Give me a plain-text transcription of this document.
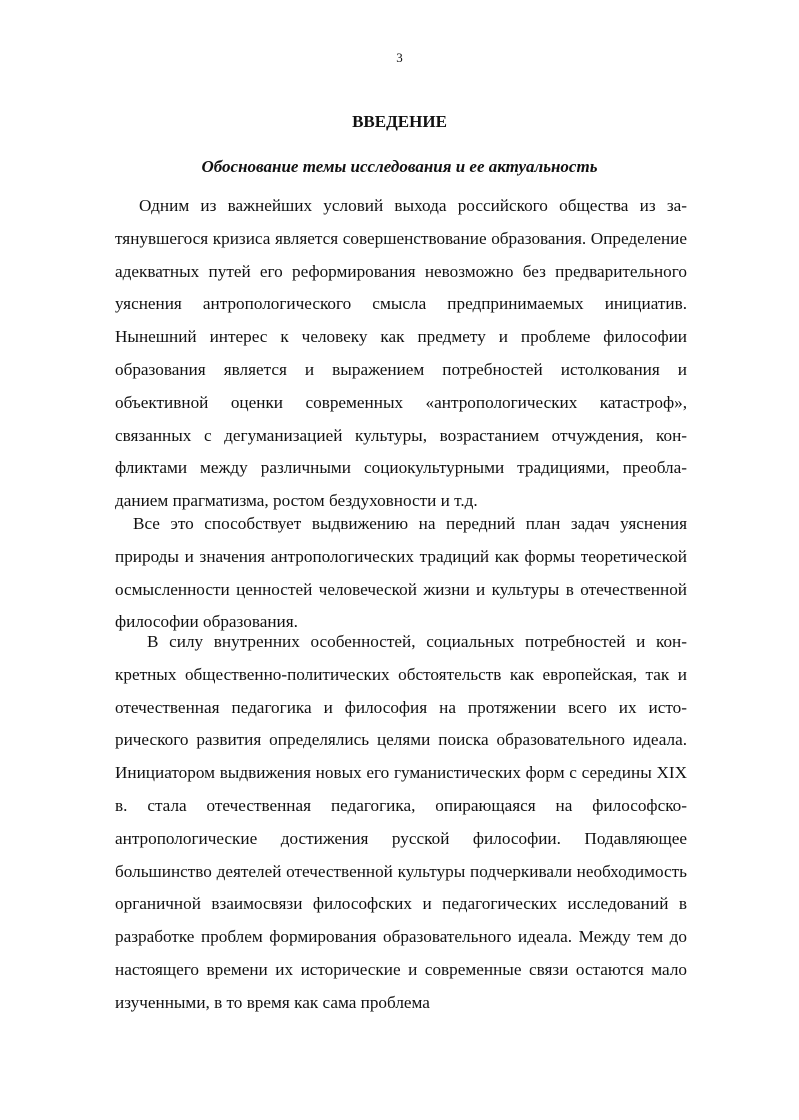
3
ВВЕДЕНИЕ
Обоснование темы исследования и ее актуальность

Одним из важнейших условий выхода российского общества из затянувшегося кризиса является совершенствование образования. Определение адекватных путей его реформирования невозможно без предварительного уяснения антропологического смысла предпринимаемых инициатив. Нынешний интерес к человеку как предмету и проблеме философии образования является и выражением потребностей истолкования и объективной оценки современных «антропологических катастроф», связанных с дегуманизацией культуры, возрастанием отчуждения, конфликтами между различными социокультурными традициями, преобладанием прагматизма, ростом бездуховности и т.д.

Все это способствует выдвижению на передний план задач уяснения природы и значения антропологических традиций как формы теоретической осмысленности ценностей человеческой жизни и культуры в отечественной философии образования.

В силу внутренних особенностей, социальных потребностей и конкретных общественно-политических обстоятельств как европейская, так и отечественная педагогика и философия на протяжении всего их исторического развития определялись целями поиска образовательного идеала. Инициатором выдвижения новых его гуманистических форм с середины XIX в. стала отечественная педагогика, опирающаяся на философско-антропологические достижения русской философии. Подавляющее большинство деятелей отечественной культуры подчеркивали необходимость органичной взаимосвязи философских и педагогических исследований в разработке проблем формирования образовательного идеала. Между тем до настоящего времени их исторические и современные связи остаются мало изученными, в то время как сама проблема
